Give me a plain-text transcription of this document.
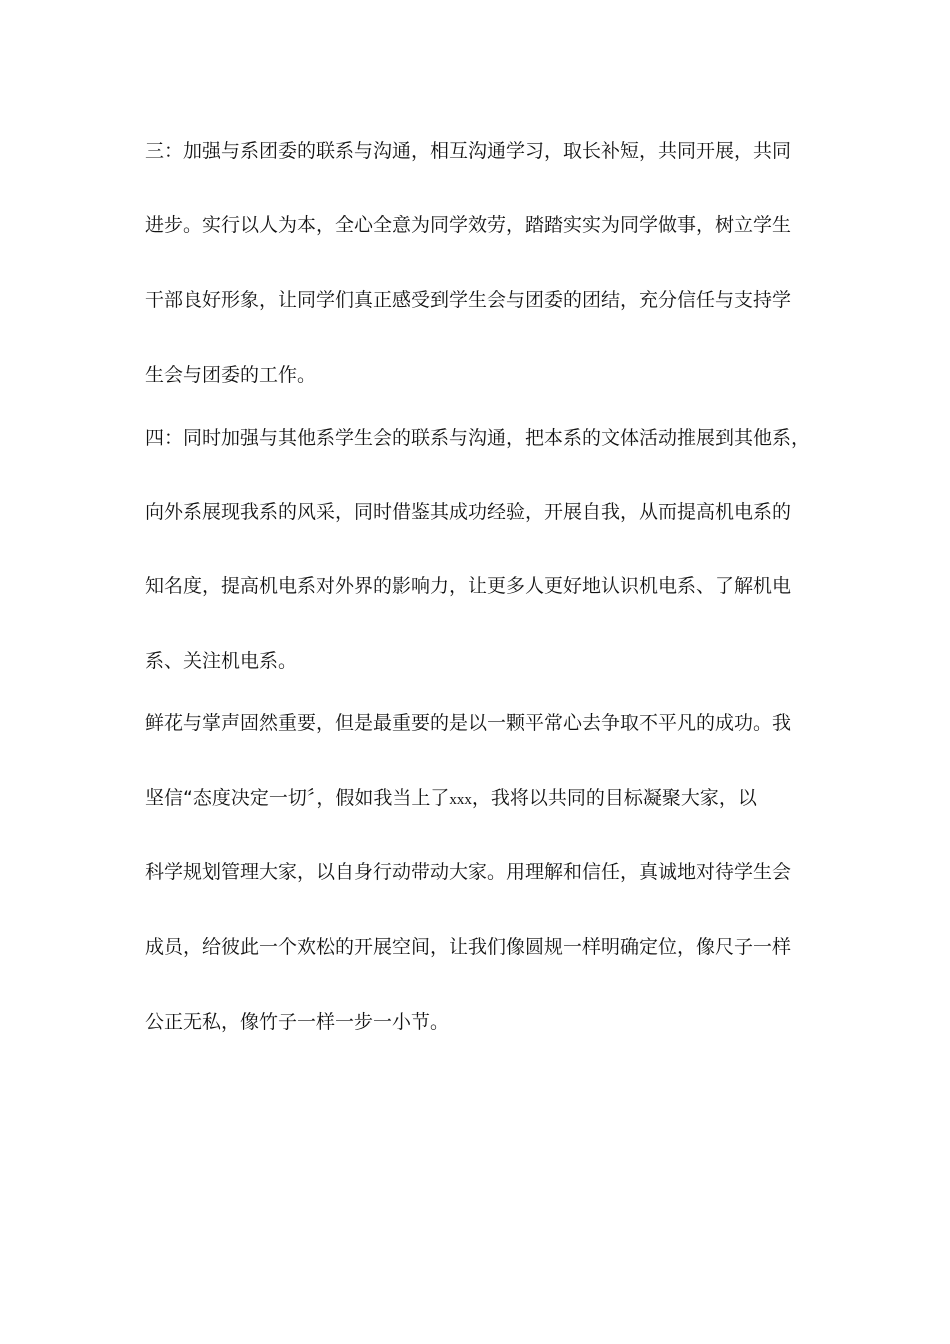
三：加强与系团委的联系与沟通，相互沟通学习，取长补短，共同开展，共同
进步。实行以人为本，全心全意为同学效劳，踏踏实实为同学做事，树立学生
干部良好形象，让同学们真正感受到学生会与团委的团结，充分信任与支持学
生会与团委的工作。
四：同时加强与其他系学生会的联系与沟通，把本系的文体活动推展到其他系，
向外系展现我系的风采，同时借鉴其成功经验，开展自我，从而提高机电系的
知名度，提高机电系对外界的影响力，让更多人更好地认识机电系、了解机电
系、关注机电系。
鲜花与掌声固然重要，但是最重要的是以一颗平常心去争取不平凡的成功。我
坚信“态度决定一切〞，假如我当上了xxx，我将以共同的目标凝聚大家，以
科学规划管理大家，以自身行动带动大家。用理解和信任，真诚地对待学生会
成员，给彼此一个欢松的开展空间，让我们像圆规一样明确定位，像尺子一样
公正无私，像竹子一样一步一小节。
